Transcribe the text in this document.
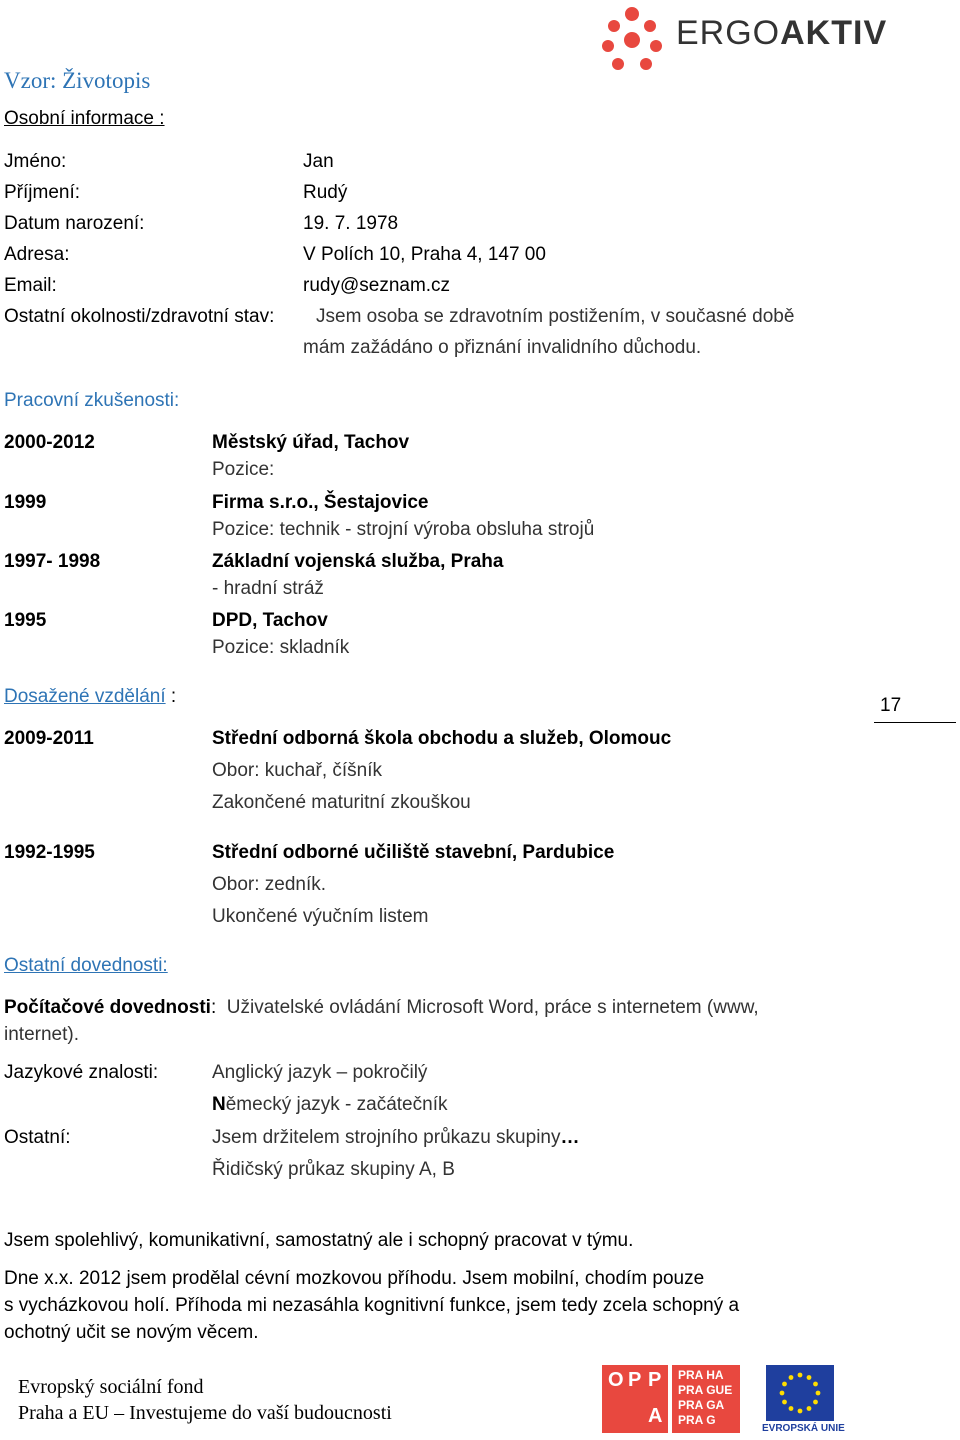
ERGOAKTIV
Vzor: Životopis
Osobní informace :
Jméno:	Jan
Příjmení:	Rudý
Datum narození:	19. 7. 1978
Adresa:	V Polích 10, Praha 4, 147 00
Email:	rudy@seznam.cz
Ostatní okolnosti/zdravotní stav: Jsem osoba se zdravotním postižením, v současné době
mám zažádáno o přiznání invalidního důchodu.
Pracovní zkušenosti:
2000-2012	Městský úřad, Tachov
Pozice:
1999	Firma s.r.o., Šestajovice
Pozice: technik - strojní výroba obsluha strojů
1997- 1998	Základní vojenská služba, Praha
- hradní stráž
1995	DPD, Tachov
Pozice: skladník
Dosažené vzdělání :	17
2009-2011	Střední odborná škola obchodu a služeb, Olomouc
Obor: kuchař, číšník
Zakončené maturitní zkouškou
1992-1995	Střední odborné učiliště stavební, Pardubice
Obor: zedník.
Ukončené výučním listem
Ostatní dovednosti:
Počítačové dovednosti: Uživatelské ovládání Microsoft Word, práce s internetem (www,
internet).
Jazykové znalosti:	Anglický jazyk – pokročilý
Německý jazyk - začátečník
Ostatní:	Jsem držitelem strojního průkazu skupiny…
Řidičský průkaz skupiny A, B
Jsem spolehlivý, komunikativní, samostatný ale i schopný pracovat v týmu.
Dne x.x. 2012 jsem prodělal cévní mozkovou příhodu. Jsem mobilní, chodím pouze
s vycházkovou holí. Příhoda mi nezasáhla kognitivní funkce, jsem tedy zcela schopný a
ochotný učit se novým věcem.
Evropský sociální fond
Praha a EU – Investujeme do vaší budoucnosti
O P P
A
PRA HA
PRA GUE
PRA GA
PRA G
EVROPSKÁ UNIE
